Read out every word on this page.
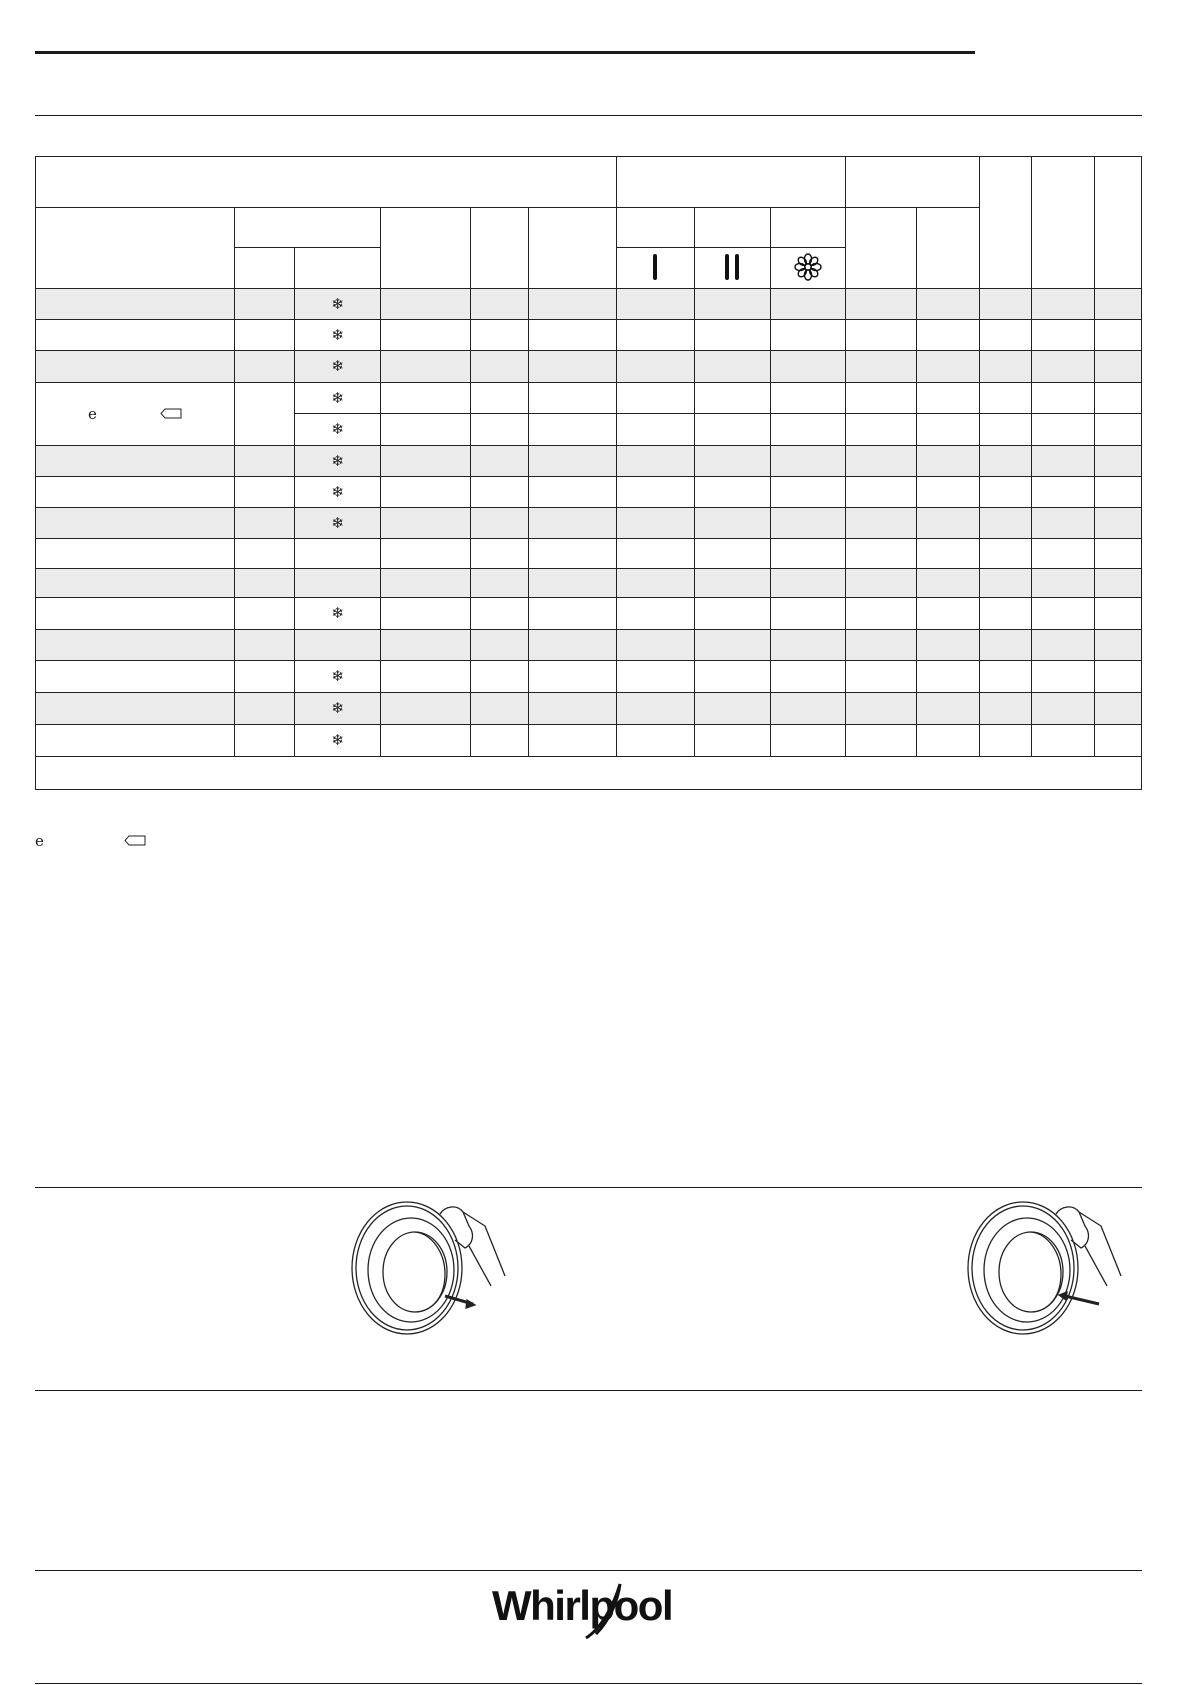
		❄											
		❄											
		❄											
e		❄											
		❄											
		❄											
		❄											
		❄											

		❄											

		❄											
		❄											
		❄											

e
Whirlpool
